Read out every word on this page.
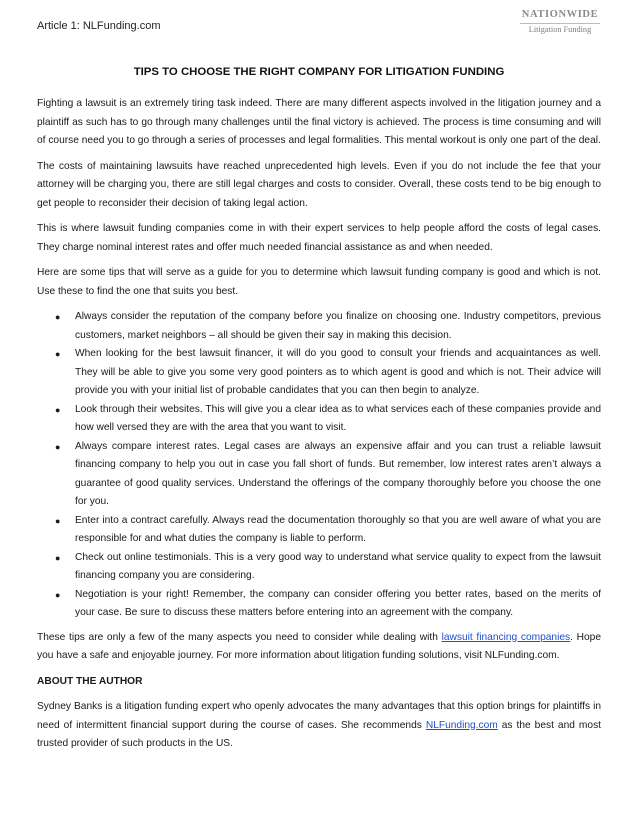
Article 1: NLFunding.com
NATIONWIDE
Litigation Funding
TIPS TO CHOOSE THE RIGHT COMPANY FOR LITIGATION FUNDING

Fighting a lawsuit is an extremely tiring task indeed. There are many different aspects involved in the litigation journey and a plaintiff as such has to go through many challenges until the final victory is achieved. The process is time consuming and will of course need you to go through a series of processes and legal formalities. This mental workout is only one part of the deal.

The costs of maintaining lawsuits have reached unprecedented high levels. Even if you do not include the fee that your attorney will be charging you, there are still legal charges and costs to consider. Overall, these costs tend to be big enough to get people to reconsider their decision of taking legal action.

This is where lawsuit funding companies come in with their expert services to help people afford the costs of legal cases. They charge nominal interest rates and offer much needed financial assistance as and when needed.

Here are some tips that will serve as a guide for you to determine which lawsuit funding company is good and which is not. Use these to find the one that suits you best.

● Always consider the reputation of the company before you finalize on choosing one. Industry competitors, previous customers, market neighbors – all should be given their say in making this decision.
● When looking for the best lawsuit financer, it will do you good to consult your friends and acquaintances as well. They will be able to give you some very good pointers as to which agent is good and which is not. Their advice will provide you with your initial list of probable candidates that you can then begin to analyze.
● Look through their websites. This will give you a clear idea as to what services each of these companies provide and how well versed they are with the area that you want to visit.
● Always compare interest rates. Legal cases are always an expensive affair and you can trust a reliable lawsuit financing company to help you out in case you fall short of funds. But remember, low interest rates aren’t always a guarantee of good quality services. Understand the offerings of the company thoroughly before you choose the one for you.
● Enter into a contract carefully. Always read the documentation thoroughly so that you are well aware of what you are responsible for and what duties the company is liable to perform.
● Check out online testimonials. This is a very good way to understand what service quality to expect from the lawsuit financing company you are considering.
● Negotiation is your right! Remember, the company can consider offering you better rates, based on the merits of your case. Be sure to discuss these matters before entering into an agreement with the company.

These tips are only a few of the many aspects you need to consider while dealing with lawsuit financing companies. Hope you have a safe and enjoyable journey. For more information about litigation funding solutions, visit NLFunding.com.

ABOUT THE AUTHOR

Sydney Banks is a litigation funding expert who openly advocates the many advantages that this option brings for plaintiffs in need of intermittent financial support during the course of cases. She recommends NLFunding.com as the best and most trusted provider of such products in the US.
